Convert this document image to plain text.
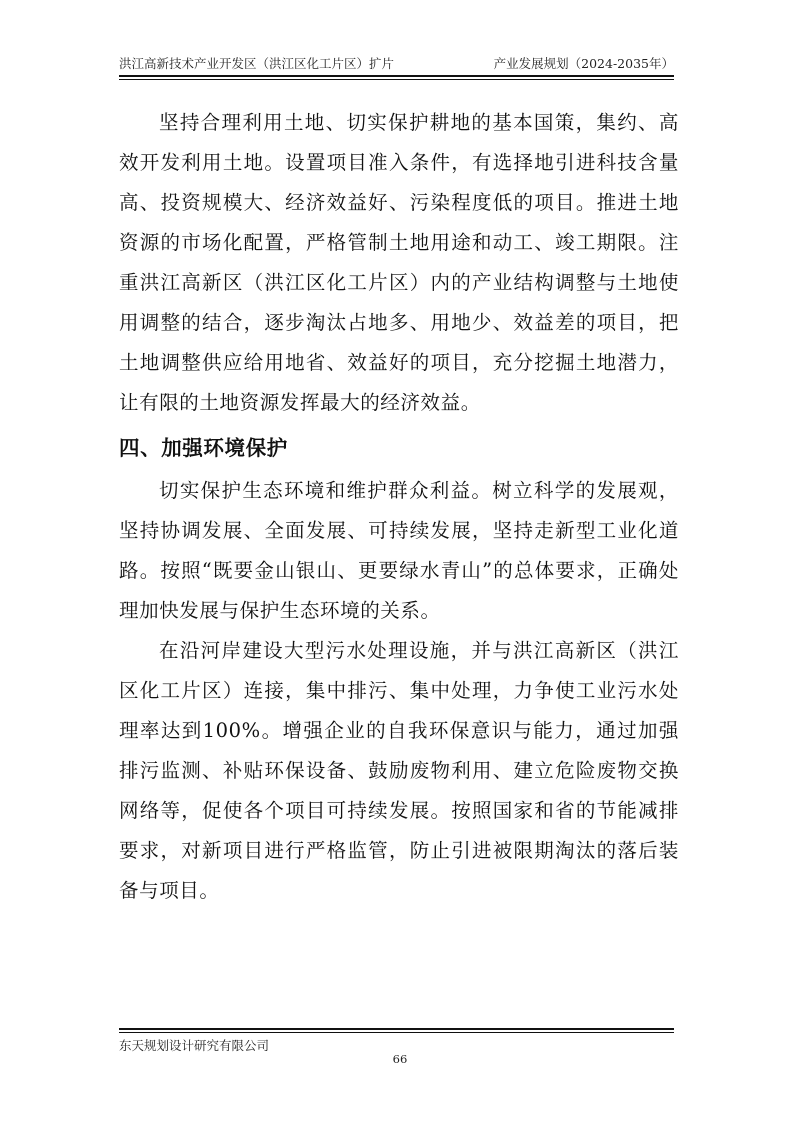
洪江高新技术产业开发区（洪江区化工片区）扩片	产业发展规划（2024-2035年）

坚持合理利用土地、切实保护耕地的基本国策，集约、高效开发利用土地。设置项目准入条件，有选择地引进科技含量高、投资规模大、经济效益好、污染程度低的项目。推进土地资源的市场化配置，严格管制土地用途和动工、竣工期限。注重洪江高新区（洪江区化工片区）内的产业结构调整与土地使用调整的结合，逐步淘汰占地多、用地少、效益差的项目，把土地调整供应给用地省、效益好的项目，充分挖掘土地潜力，让有限的土地资源发挥最大的经济效益。

四、加强环境保护

切实保护生态环境和维护群众利益。树立科学的发展观，坚持协调发展、全面发展、可持续发展，坚持走新型工业化道路。按照“既要金山银山、更要绿水青山”的总体要求，正确处理加快发展与保护生态环境的关系。

在沿河岸建设大型污水处理设施，并与洪江高新区（洪江区化工片区）连接，集中排污、集中处理，力争使工业污水处理率达到100%。增强企业的自我环保意识与能力，通过加强排污监测、补贴环保设备、鼓励废物利用、建立危险废物交换网络等，促使各个项目可持续发展。按照国家和省的节能减排要求，对新项目进行严格监管，防止引进被限期淘汰的落后装备与项目。

东天规划设计研究有限公司
66
